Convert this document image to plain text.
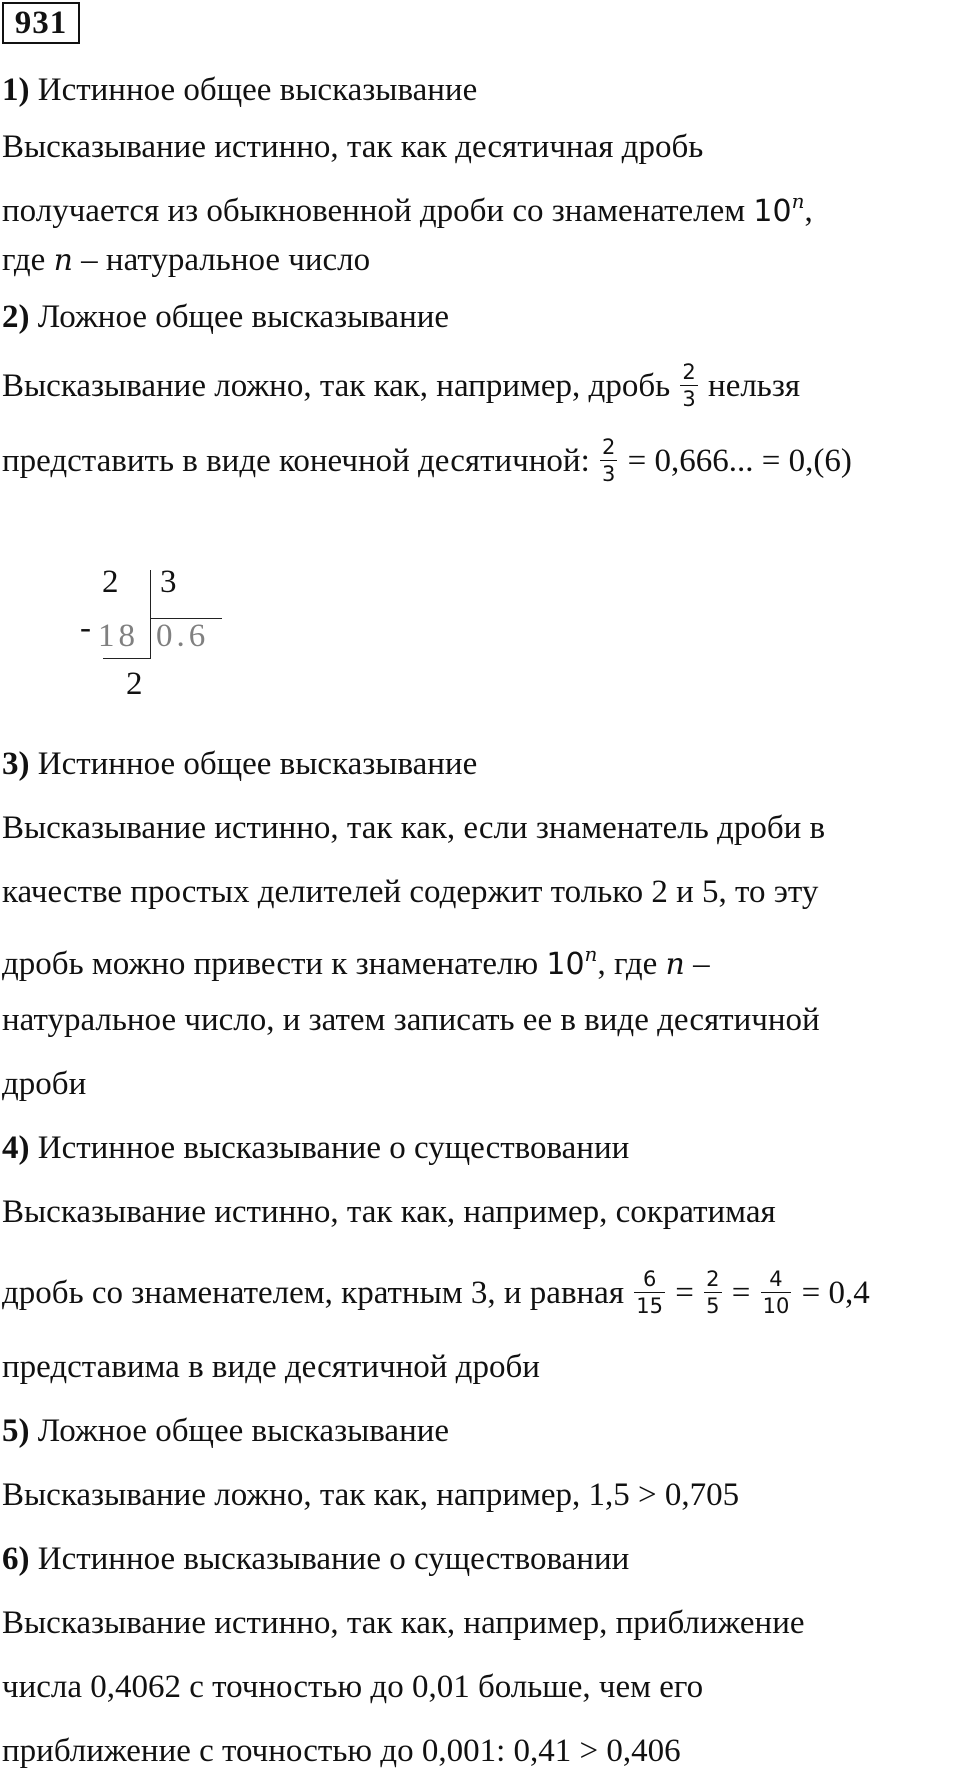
931
1) Истинное общее высказывание
Высказывание истинно, так как десятичная дробь
получается из обыкновенной дроби со знаменателем 10$^n$,
где n – натуральное число
2) Ложное общее высказывание
Высказывание ложно, так как, например, дробь $\frac{2}{3}$ нельзя
представить в виде конечной десятичной: $\frac{2}{3} = 0,666$... = 0,(6)
-
2 3
18 0.6
2
3) Истинное общее высказывание
Высказывание истинно, так как, если знаменатель дроби в
качестве простых делителей содержит только 2 и 5, то эту
дробь можно привести к знаменателю 10$^n$, где n –
натуральное число, и затем записать ее в виде десятичной
дроби
4) Истинное высказывание о существовании
Высказывание истинно, так как, например, сократимая
дробь со знаменателем, кратным 3, и равная $\frac{6}{15} = \frac{2}{5} = \frac{4}{10} = 0,4$
представима в виде десятичной дроби
5) Ложное общее высказывание
Высказывание ложно, так как, например, 1,5 > 0,705
6) Истинное высказывание о существовании
Высказывание истинно, так как, например, приближение
числа 0,4062 с точностью до 0,01 больше, чем его
приближение с точностью до 0,001: 0,41 > 0,406
